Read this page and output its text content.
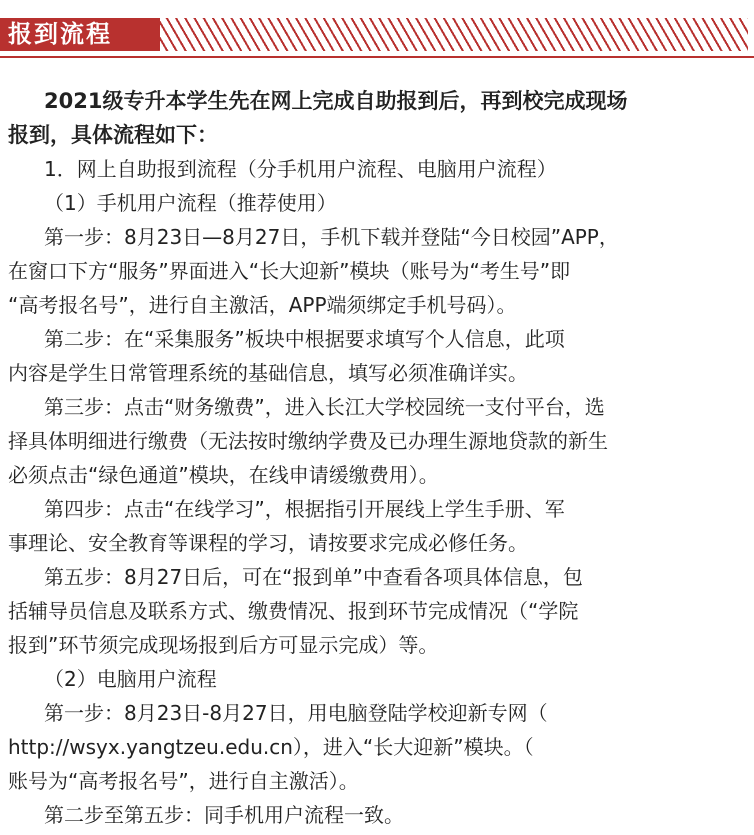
报到流程
2021级专升本学生先在网上完成自助报到后，再到校完成现场
报到，具体流程如下：
1．网上自助报到流程（分手机用户流程、电脑用户流程）
（1）手机用户流程（推荐使用）
第一步：8月23日—8月27日，手机下载并登陆“今日校园”APP，
在窗口下方“服务”界面进入“长大迎新”模块（账号为“考生号”即
“高考报名号”，进行自主激活，APP端须绑定手机号码）。
第二步：在“采集服务”板块中根据要求填写个人信息，此项
内容是学生日常管理系统的基础信息，填写必须准确详实。
第三步：点击“财务缴费”，进入长江大学校园统一支付平台，选
择具体明细进行缴费（无法按时缴纳学费及已办理生源地贷款的新生
必须点击“绿色通道”模块，在线申请缓缴费用）。
第四步：点击“在线学习”，根据指引开展线上学生手册、军
事理论、安全教育等课程的学习，请按要求完成必修任务。
第五步：8月27日后，可在“报到单”中查看各项具体信息，包
括辅导员信息及联系方式、缴费情况、报到环节完成情况（“学院
报到”环节须完成现场报到后方可显示完成）等。
（2）电脑用户流程
第一步：8月23日-8月27日，用电脑登陆学校迎新专网（
http://wsyx.yangtzeu.edu.cn），进入“长大迎新”模块。（
账号为“高考报名号”，进行自主激活）。
第二步至第五步：同手机用户流程一致。
